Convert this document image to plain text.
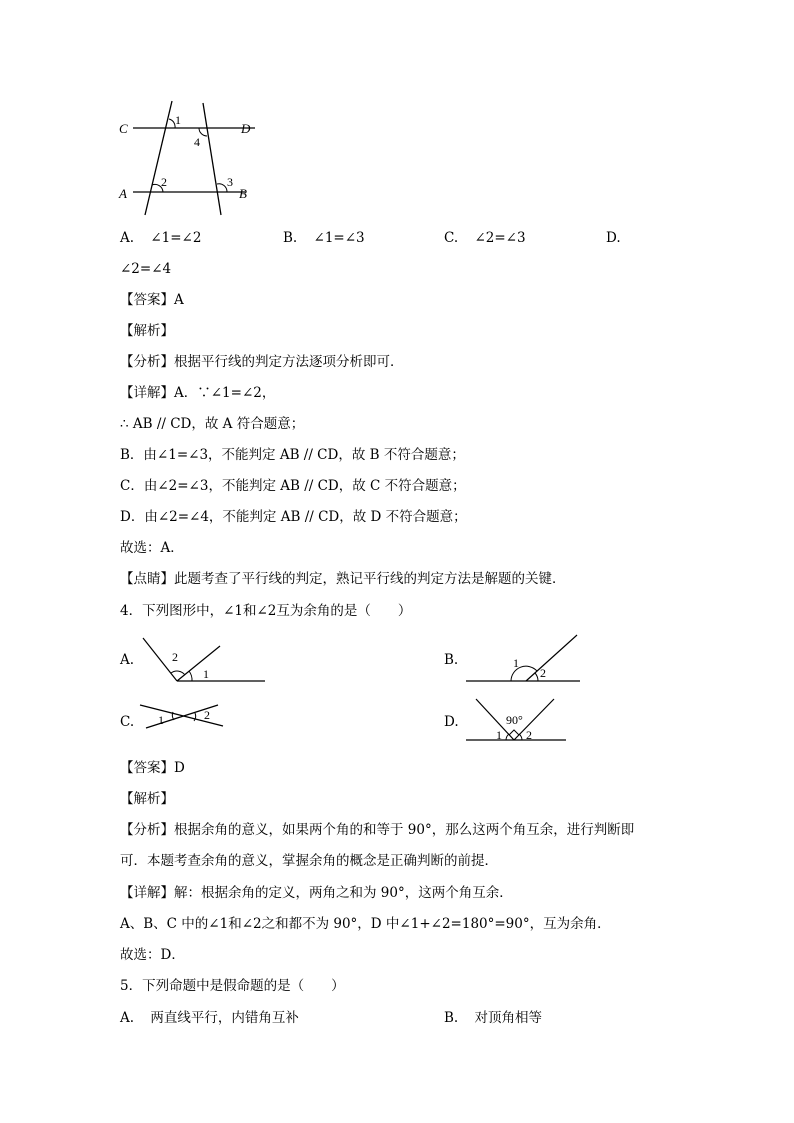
C	D
A	B
1
4
2	3
A. ∠1=∠2	B. ∠1=∠3	C. ∠2=∠3	D.
∠2=∠4
【答案】A
【解析】
【分析】根据平行线的判定方法逐项分析即可．
【详解】A．∵∠1=∠2，
∴ AB // CD，故 A 符合题意；
B．由∠1=∠3，不能判定 AB // CD，故 B 不符合题意；
C．由∠2=∠3，不能判定 AB // CD，故 C 不符合题意；
D．由∠2=∠4，不能判定 AB // CD，故 D 不符合题意；
故选：A．
【点睛】此题考查了平行线的判定，熟记平行线的判定方法是解题的关键．
4．下列图形中，∠1和∠2互为余角的是（　　）
A.	2
1
B.	1
2
C. 1	2	D.	90°
1 2
【答案】D
【解析】
【分析】根据余角的意义，如果两个角的和等于 90°，那么这两个角互余，进行判断即
可．本题考查余角的意义，掌握余角的概念是正确判断的前提．
【详解】解：根据余角的定义，两角之和为 90°，这两个角互余．
A、B、C 中的∠1和∠2之和都不为 90°，D 中∠1+∠2=180°=90°，互为余角．
故选：D．
5．下列命题中是假命题的是（　　）
A. 两直线平行，内错角互补	B. 对顶角相等
